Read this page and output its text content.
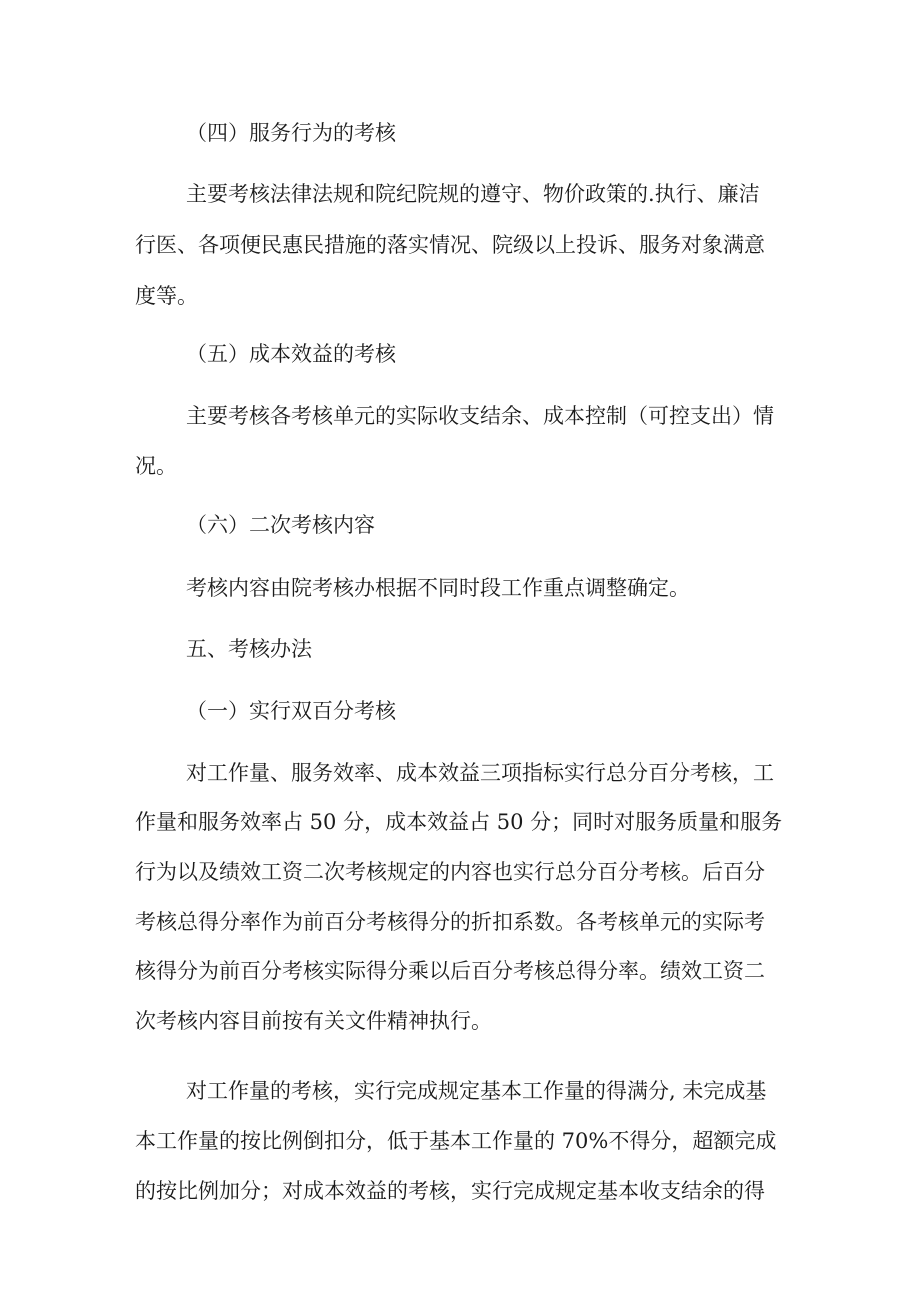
（四）服务行为的考核
主要考核法律法规和院纪院规的遵守、物价政策的.执行、廉洁
行医、各项便民惠民措施的落实情况、院级以上投诉、服务对象满意
度等。
（五）成本效益的考核
主要考核各考核单元的实际收支结余、成本控制（可控支出）情
况。
（六）二次考核内容
考核内容由院考核办根据不同时段工作重点调整确定。
五、考核办法
（一）实行双百分考核
对工作量、服务效率、成本效益三项指标实行总分百分考核，工
作量和服务效率占 50 分，成本效益占 50 分；同时对服务质量和服务
行为以及绩效工资二次考核规定的内容也实行总分百分考核。后百分
考核总得分率作为前百分考核得分的折扣系数。各考核单元的实际考
核得分为前百分考核实际得分乘以后百分考核总得分率。绩效工资二
次考核内容目前按有关文件精神执行。
对工作量的考核，实行完成规定基本工作量的得满分, 未完成基
本工作量的按比例倒扣分，低于基本工作量的 70%不得分，超额完成
的按比例加分；对成本效益的考核，实行完成规定基本收支结余的得
